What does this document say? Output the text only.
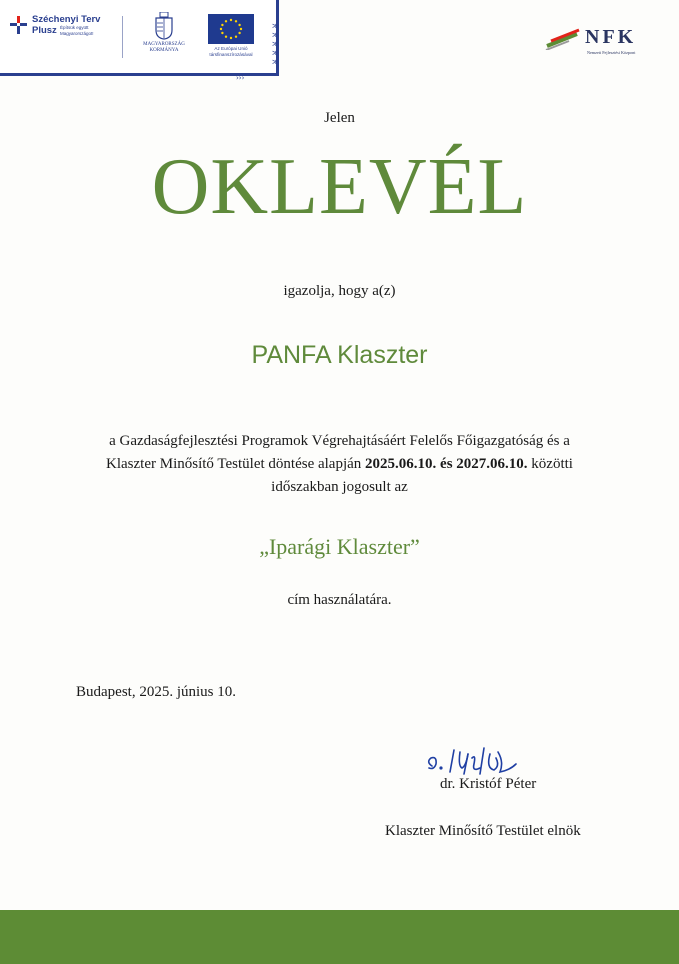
Széchenyi Terv
Plusz Építsük együtt
Magyarországot!
MAGYARORSZÁG
KORMÁNYA	Az Európai Unió
társfinanszírozásával
≫
≫
≫
≫
≫
›››
NFK
Nemzeti Fejlesztési Központ
Jelen
OKLEVÉL
igazolja, hogy a(z)
PANFA Klaszter
a Gazdaságfejlesztési Programok Végrehajtásáért Felelős Főigazgatóság és a
Klaszter Minősítő Testület döntése alapján 2025.06.10. és 2027.06.10. közötti
időszakban jogosult az
„Iparági Klaszter”
cím használatára.
Budapest, 2025. június 10.
dr. Kristóf Péter
Klaszter Minősítő Testület elnök
